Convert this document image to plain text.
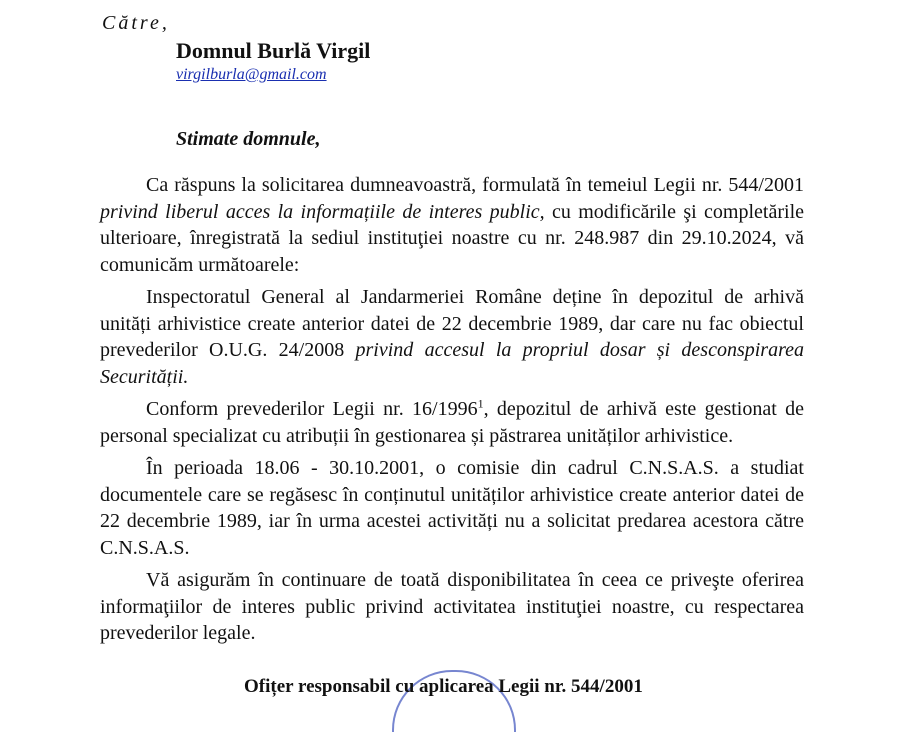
Către,
Domnul Burlă Virgil
virgilburla@gmail.com
Stimate domnule,

Ca răspuns la solicitarea dumneavoastră, formulată în temeiul Legii nr. 544/2001 privind liberul acces la informațiile de interes public, cu modificările şi completările ulterioare, înregistrată la sediul instituţiei noastre cu nr. 248.987 din 29.10.2024, vă comunicăm următoarele:

Inspectoratul General al Jandarmeriei Române deține în depozitul de arhivă unități arhivistice create anterior datei de 22 decembrie 1989, dar care nu fac obiectul prevederilor O.U.G. 24/2008 privind accesul la propriul dosar și desconspirarea Securității.

Conform prevederilor Legii nr. 16/1996$^1$, depozitul de arhivă este gestionat de personal specializat cu atribuții în gestionarea și păstrarea unităților arhivistice.

În perioada 18.06 - 30.10.2001, o comisie din cadrul C.N.S.A.S. a studiat documentele care se regăsesc în conținutul unităților arhivistice create anterior datei de 22 decembrie 1989, iar în urma acestei activități nu a solicitat predarea acestora către C.N.S.A.S.

Vă asigurăm în continuare de toată disponibilitatea în ceea ce priveşte oferirea informaţiilor de interes public privind activitatea instituţiei noastre, cu respectarea prevederilor legale.

Ofițer responsabil cu aplicarea Legii nr. 544/2001
